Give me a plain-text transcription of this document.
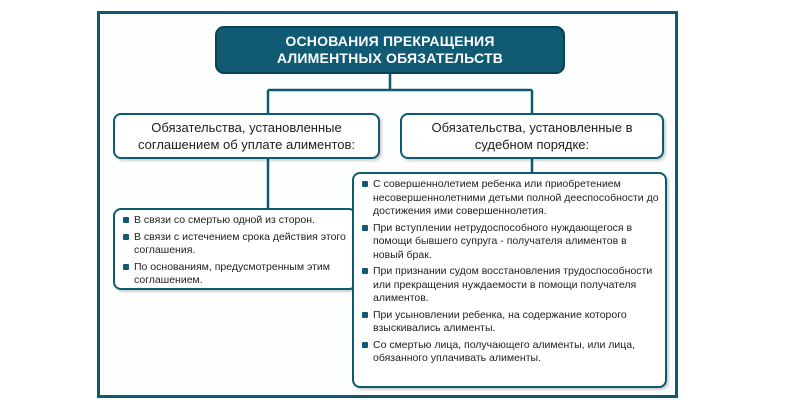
ОСНОВАНИЯ ПРЕКРАЩЕНИЯ
АЛИМЕНТНЫХ ОБЯЗАТЕЛЬСТВ
Обязательства, установленные
соглашением об уплате алиментов:
Обязательства, установленные в
судебном порядке:
В связи со смертью одной из сторон.
В связи с истечением срока действия этого соглашения.
По основаниям, предусмотренным этим соглашением.
С совершеннолетием ребенка или приобретением несовершеннолетними детьми полной дееспособности до достижения ими совершеннолетия.
При вступлении нетрудоспособного нуждающегося в помощи бывшего супруга - получателя алиментов в новый брак.
При признании судом восстановления трудоспособности или прекращения нуждаемости в помощи получателя алиментов.
При усыновлении ребенка, на содержание которого взыскивались алименты.
Со смертью лица, получающего алименты, или лица, обязанного уплачивать алименты.
